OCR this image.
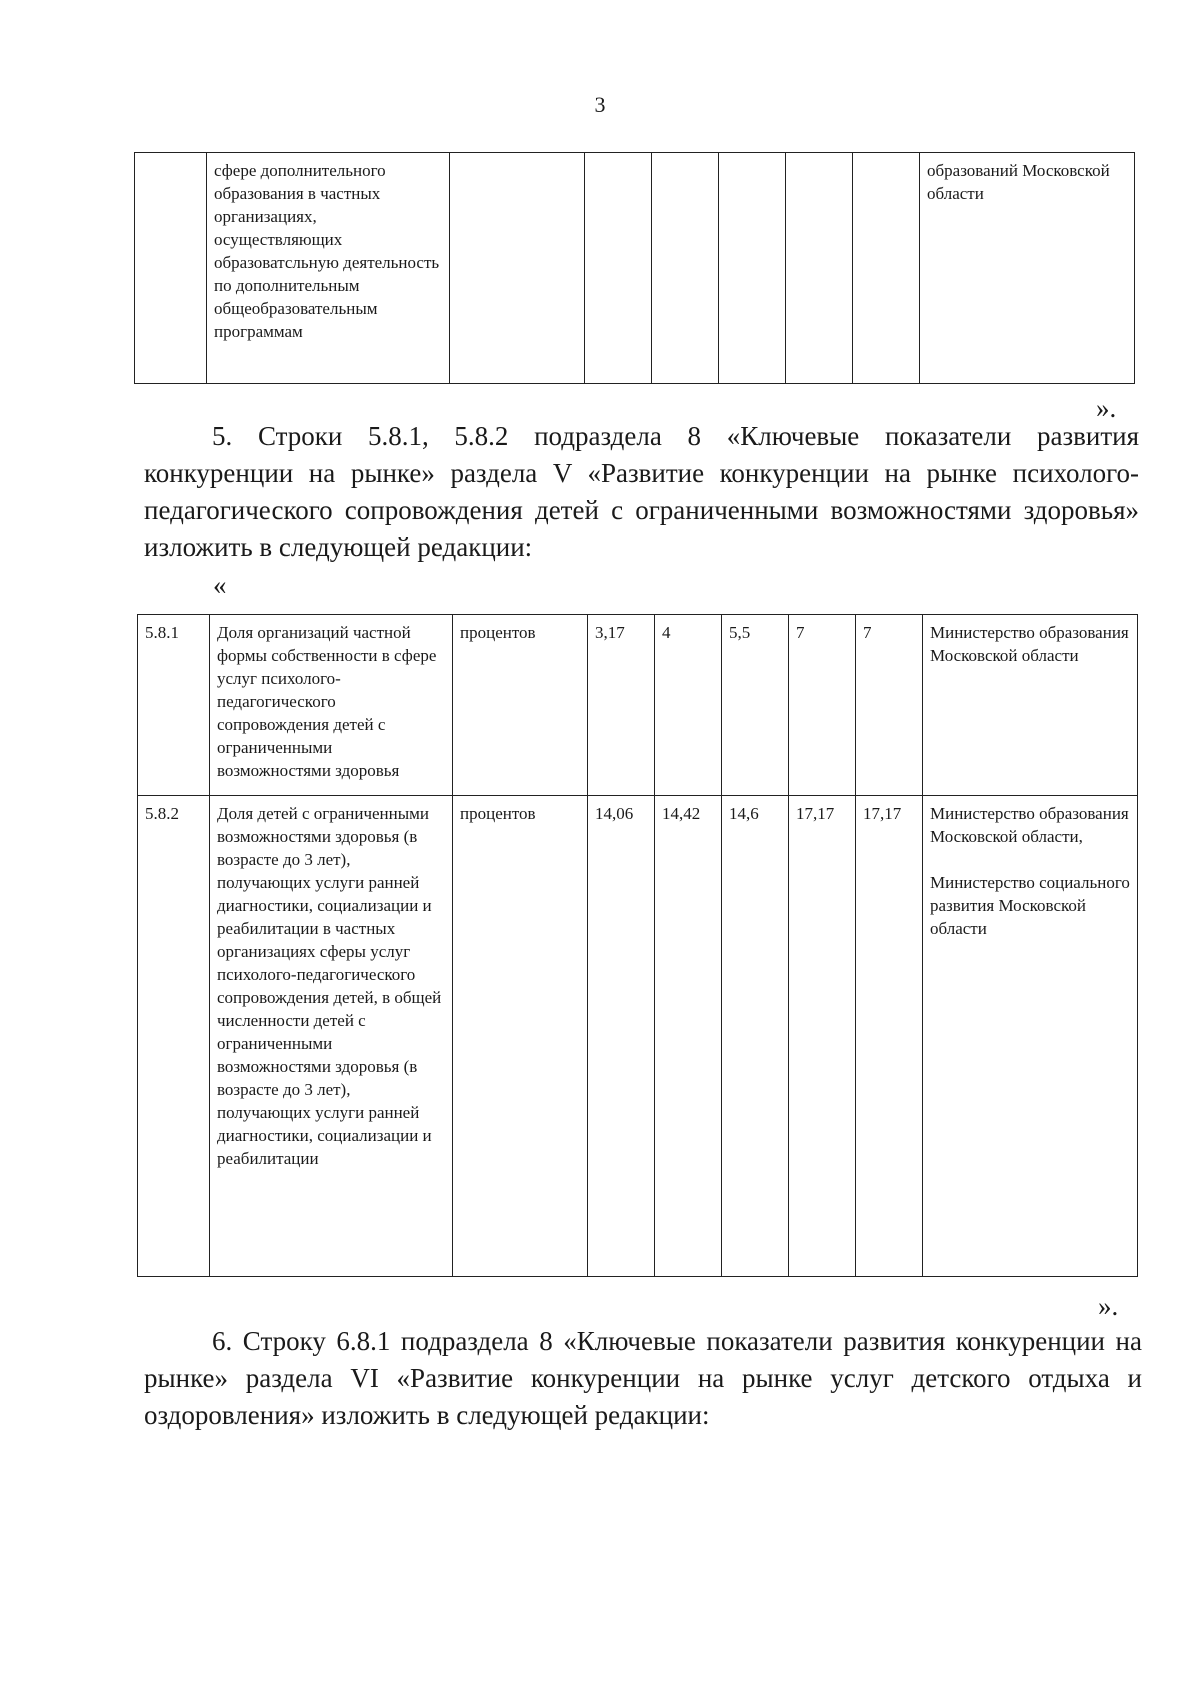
3
	сфере дополнительного образования в частных организациях, осуществляющих образоватсльную деятельность по дополнительным общеобразовательным программам							образований Московской области
».
5. Строки 5.8.1, 5.8.2 подраздела 8 «Ключевые показатели развития конкуренции на рынке» раздела V «Развитие конкуренции на рынке психолого-педагогического сопровождения детей с ограниченными возможностями здоровья» изложить в следующей редакции:
«
5.8.1	Доля организаций частной формы собственности в сфере услуг психолого-педагогического сопровождения детей с ограниченными возможностями здоровья	процентов	3,17	4	5,5	7	7	Министерство образования Московской области
5.8.2	Доля детей с ограниченными возможностями здоровья (в возрасте до 3 лет), получающих услуги ранней диагностики, социализации и реабилитации в частных организациях сферы услуг психолого-педагогического сопровождения детей, в общей численности детей с ограниченными возможностями здоровья (в возрасте до 3 лет), получающих услуги ранней диагностики, социализации и реабилитации	процентов	14,06	14,42	14,6	17,17	17,17	Министерство образования Московской области,
Министерство социального развития Московской области
».
6. Строку 6.8.1 подраздела 8 «Ключевые показатели развития конкуренции на рынке» раздела VI «Развитие конкуренции на рынке услуг детского отдыха и оздоровления» изложить в следующей редакции:
